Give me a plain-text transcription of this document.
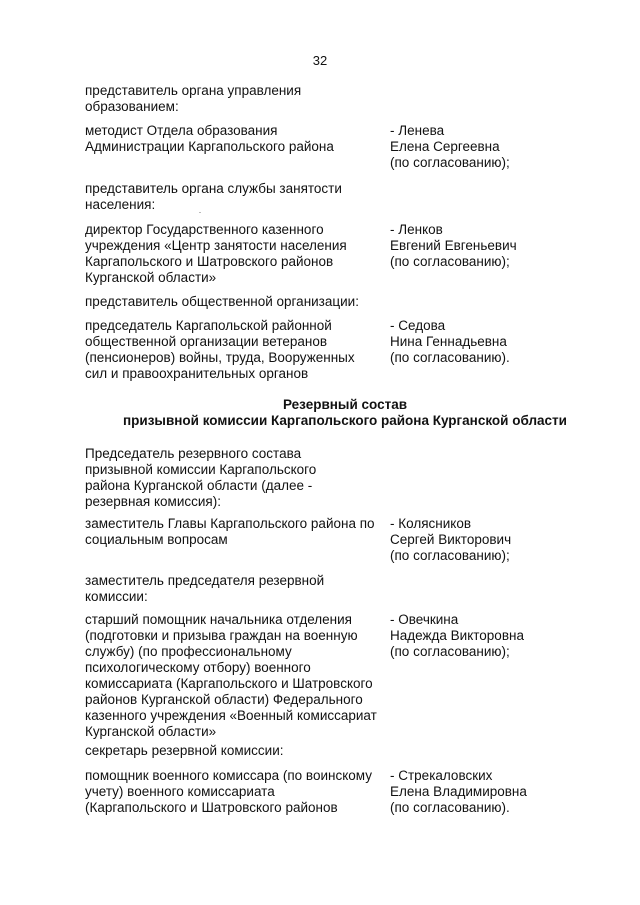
32

представитель органа управления
образованием:

методист Отдела образования
Администрации Каргапольского района

- Ленева
Елена Сергеевна
(по согласованию);

представитель органа службы занятости
населения:

директор Государственного казенного
учреждения «Центр занятости населения
Каргапольского и Шатровского районов
Курганской области»

- Ленков
Евгений Евгеньевич
(по согласованию);

представитель общественной организации:

председатель Каргапольской районной
общественной организации ветеранов
(пенсионеров) войны, труда, Вооруженных
сил и правоохранительных органов

- Седова
Нина Геннадьевна
(по согласованию).

Резервный состав
призывной комиссии Каргапольского района Курганской области

Председатель резервного состава
призывной комиссии Каргапольского
района Курганской области (далее -
резервная комиссия):

заместитель Главы Каргапольского района по
социальным вопросам

- Колясников
Сергей Викторович
(по согласованию);

заместитель председателя резервной
комиссии:

старший помощник начальника отделения
(подготовки и призыва граждан на военную
службу) (по профессиональному
психологическому отбору) военного
комиссариата (Каргапольского и Шатровского
районов Курганской области) Федерального
казенного учреждения «Военный комиссариат
Курганской области»

- Овечкина
Надежда Викторовна
(по согласованию);

секретарь резервной комиссии:

помощник военного комиссара (по воинскому
учету) военного комиссариата
(Каргапольского и Шатровского районов

- Стрекаловских
Елена Владимировна
(по согласованию).
